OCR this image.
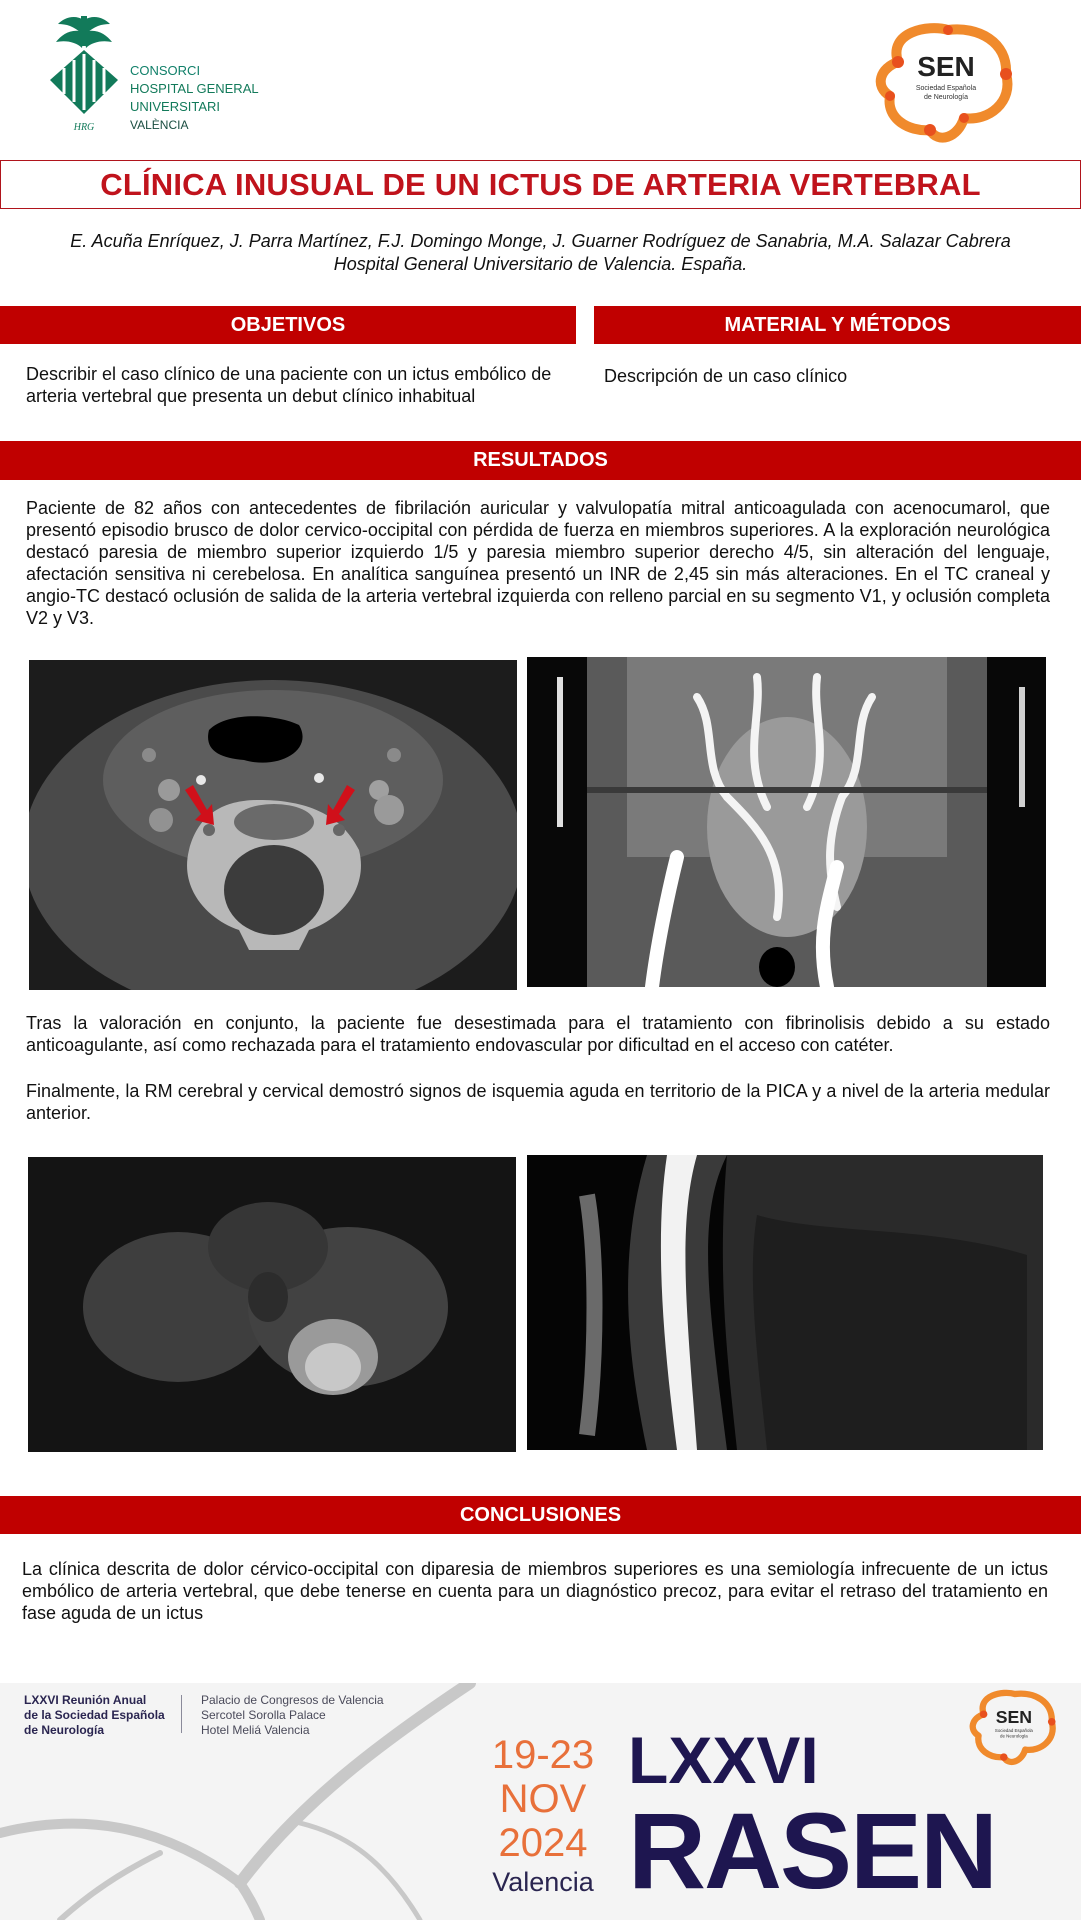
HRG
CONSORCI
HOSPITAL GENERAL
UNIVERSITARI
VALÈNCIA
SEN
Sociedad Española
de Neurología
CLÍNICA INUSUAL DE UN ICTUS DE ARTERIA VERTEBRAL
E. Acuña Enríquez, J. Parra Martínez, F.J. Domingo Monge, J. Guarner Rodríguez de Sanabria, M.A. Salazar Cabrera
Hospital General Universitario de Valencia. España.
OBJETIVOS	MATERIAL Y MÉTODOS
Describir el caso clínico de una paciente con un ictus embólico de arteria vertebral que presenta un debut clínico inhabitual
Descripción de un caso clínico
RESULTADOS
Paciente de 82 años con antecedentes de fibrilación auricular y valvulopatía mitral anticoagulada con acenocumarol, que presentó episodio brusco de dolor cervico-occipital con pérdida de fuerza en miembros superiores. A la exploración neurológica destacó paresia de miembro superior izquierdo 1/5 y paresia miembro superior derecho 4/5, sin alteración del lenguaje, afectación sensitiva ni cerebelosa. En analítica sanguínea presentó un INR de 2,45 sin más alteraciones. En el TC craneal y angio-TC destacó oclusión de salida de la arteria vertebral izquierda con relleno parcial en su segmento V1, y oclusión completa V2 y V3.
Tras la valoración en conjunto, la paciente fue desestimada para el tratamiento con fibrinolisis debido a su estado anticoagulante, así como rechazada para el tratamiento endovascular por dificultad en el acceso con catéter.
Finalmente, la RM cerebral y cervical demostró signos de isquemia aguda en territorio de la PICA y a nivel de la arteria medular anterior.
CONCLUSIONES
La clínica descrita de dolor cérvico-occipital con diparesia de miembros superiores es una semiología infrecuente de un ictus embólico de arteria vertebral, que debe tenerse en cuenta para un diagnóstico precoz, para evitar el retraso del tratamiento en fase aguda de un ictus
LXXVI Reunión Anual
de la Sociedad Española
de Neurología
Palacio de Congresos de Valencia
Sercotel Sorolla Palace
Hotel Meliá Valencia
19-23
NOV
2024
Valencia
LXXVI
RASEN
SEN
Sociedad Española
de Neurología
